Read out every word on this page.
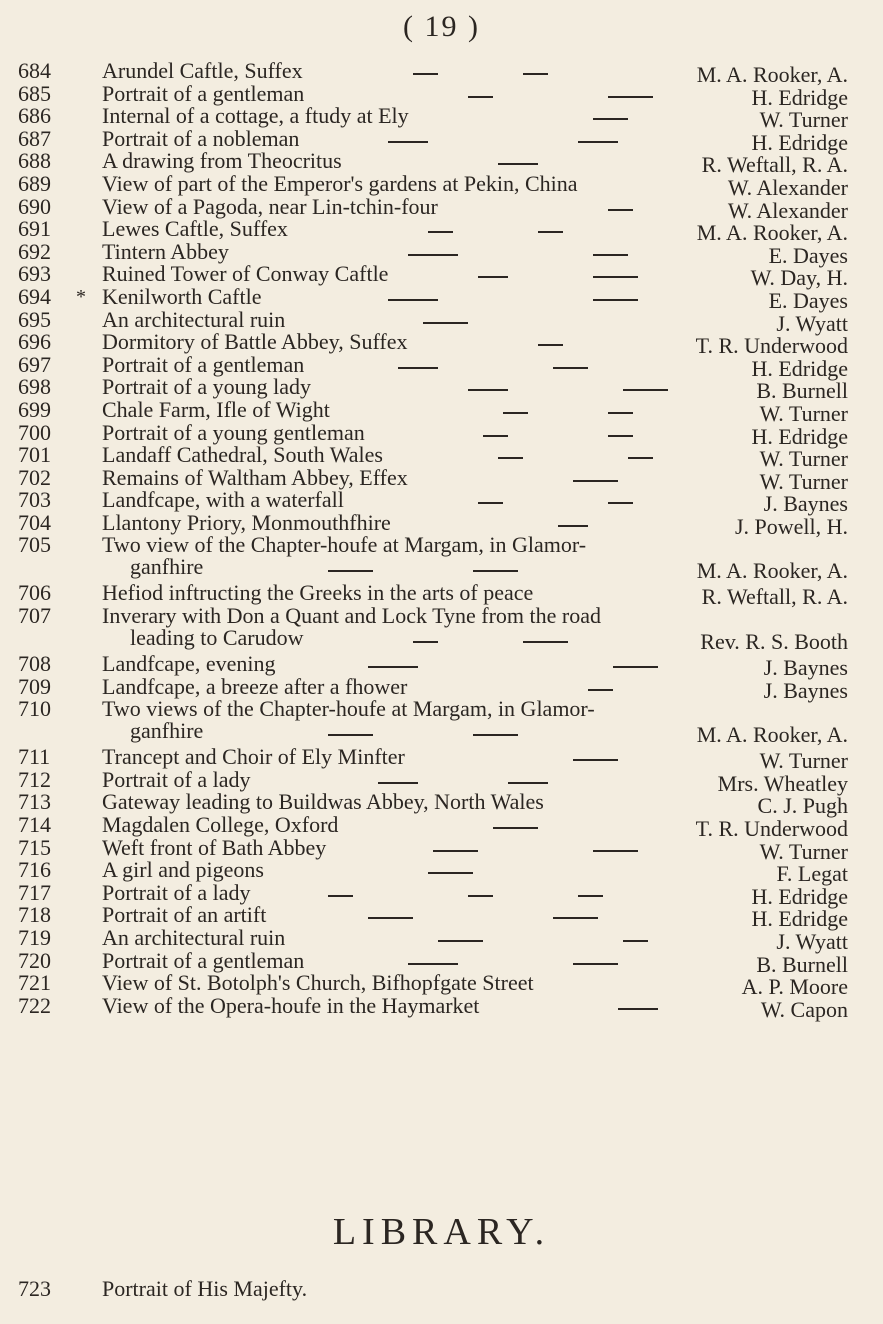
( 19 )
684	Arundel Caftle, Suffex	M. A. Rooker, A.
685	Portrait of a gentleman	H. Edridge
686	Internal of a cottage, a ftudy at Ely	W. Turner
687	Portrait of a nobleman	H. Edridge
688	A drawing from Theocritus	R. Weftall, R. A.
689	View of part of the Emperor's gardens at Pekin, China	W. Alexander
690	View of a Pagoda, near Lin-tchin-four	W. Alexander
691	Lewes Caftle, Suffex	M. A. Rooker, A.
692	Tintern Abbey	E. Dayes
693	Ruined Tower of Conway Caftle	W. Day, H.
694	* Kenilworth Caftle	E. Dayes
695	An architectural ruin	J. Wyatt
696	Dormitory of Battle Abbey, Suffex	T. R. Underwood
697	Portrait of a gentleman	H. Edridge
698	Portrait of a young lady	B. Burnell
699	Chale Farm, Ifle of Wight	W. Turner
700	Portrait of a young gentleman	H. Edridge
701	Landaff Cathedral, South Wales	W. Turner
702	Remains of Waltham Abbey, Effex	W. Turner
703	Landfcape, with a waterfall	J. Baynes
704	Llantony Priory, Monmouthfhire	J. Powell, H.
705	Two view of the Chapter-houfe at Margam, in Glamor-
ganfhire	M. A. Rooker, A.
706	Hefiod inftructing the Greeks in the arts of peace	R. Weftall, R. A.
707	Inverary with Don a Quant and Lock Tyne from the road
leading to Carudow	Rev. R. S. Booth
708	Landfcape, evening	J. Baynes
709	Landfcape, a breeze after a fhower	J. Baynes
710	Two views of the Chapter-houfe at Margam, in Glamor-
ganfhire	M. A. Rooker, A.
711	Trancept and Choir of Ely Minfter	W. Turner
712	Portrait of a lady	Mrs. Wheatley
713	Gateway leading to Buildwas Abbey, North Wales	C. J. Pugh
714	Magdalen College, Oxford	T. R. Underwood
715	Weft front of Bath Abbey	W. Turner
716	A girl and pigeons	F. Legat
717	Portrait of a lady	H. Edridge
718	Portrait of an artift	H. Edridge
719	An architectural ruin	J. Wyatt
720	Portrait of a gentleman	B. Burnell
721	View of St. Botolph's Church, Bifhopfgate Street	A. P. Moore
722	View of the Opera-houfe in the Haymarket	W. Capon
LIBRARY.
723	Portrait of His Majefty.
